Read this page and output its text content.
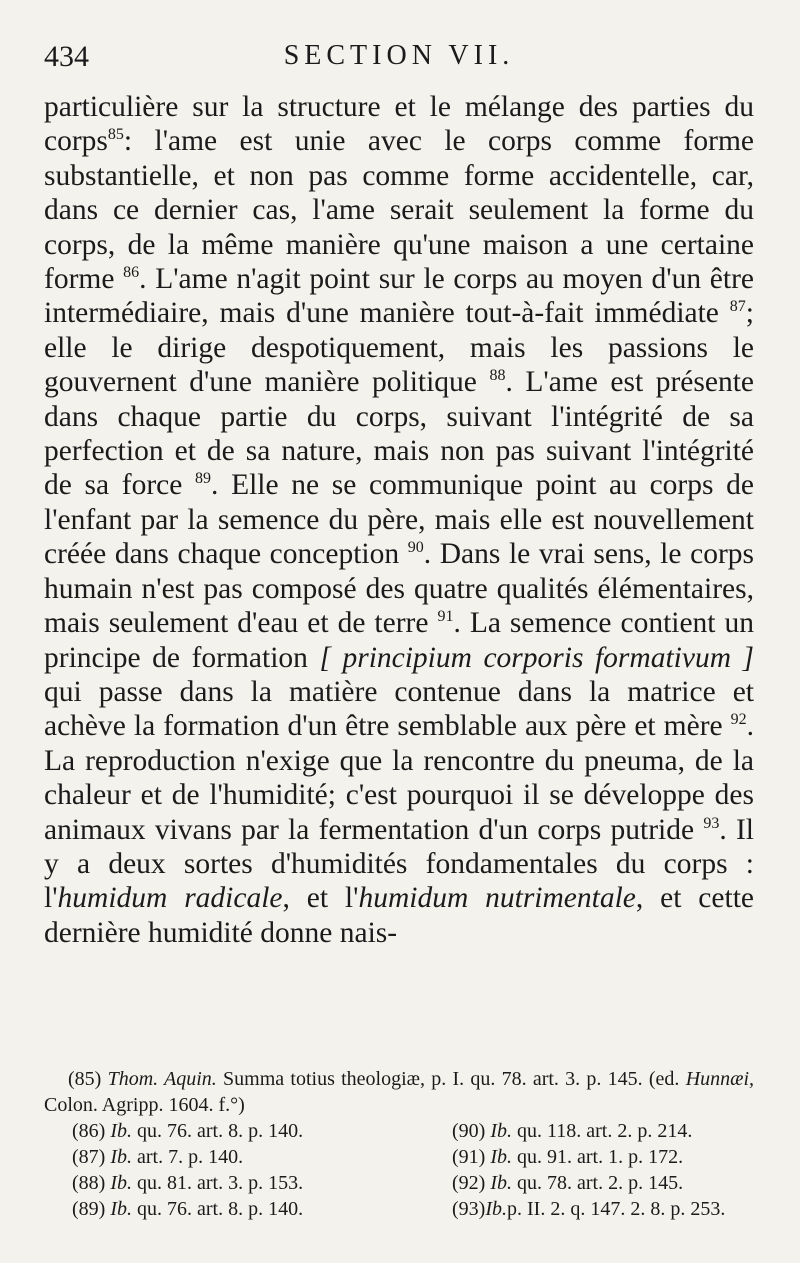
434	SECTION VII.

particulière sur la structure et le mélange des parties du corps$^{85}$: l'ame est unie avec le corps comme forme substantielle, et non pas comme forme accidentelle, car, dans ce dernier cas, l'ame serait seulement la forme du corps, de la même manière qu'une maison a une certaine forme $^{86}$. L'ame n'agit point sur le corps au moyen d'un être intermédiaire, mais d'une manière tout-à-fait immédiate $^{87}$; elle le dirige despotiquement, mais les passions le gouvernent d'une manière politique $^{88}$. L'ame est présente dans chaque partie du corps, suivant l'intégrité de sa perfection et de sa nature, mais non pas suivant l'intégrité de sa force $^{89}$. Elle ne se communique point au corps de l'enfant par la semence du père, mais elle est nouvellement créée dans chaque conception $^{90}$. Dans le vrai sens, le corps humain n'est pas composé des quatre qualités élémentaires, mais seulement d'eau et de terre $^{91}$. La semence contient un principe de formation [ principium corporis formativum ] qui passe dans la matière contenue dans la matrice et achève la formation d'un être semblable aux père et mère $^{92}$. La reproduction n'exige que la rencontre du pneuma, de la chaleur et de l'humidité; c'est pourquoi il se développe des animaux vivans par la fermentation d'un corps putride $^{93}$. Il y a deux sortes d'humidités fondamentales du corps : l'humidum radicale, et l'humidum nutrimentale, et cette dernière humidité donne nais-

(85) Thom. Aquin. Summa totius theologiæ, p. I. qu. 78. art. 3. p. 145. (ed. Hunnæi, Colon. Agripp. 1604. f.°)
(86) Ib. qu. 76. art. 8. p. 140.	(90) Ib. qu. 118. art. 2. p. 214.
(87) Ib. art. 7. p. 140.	(91) Ib. qu. 91. art. 1. p. 172.
(88) Ib. qu. 81. art. 3. p. 153.	(92) Ib. qu. 78. art. 2. p. 145.
(89) Ib. qu. 76. art. 8. p. 140.	(93)Ib.p. II. 2. q. 147. 2. 8. p. 253.
